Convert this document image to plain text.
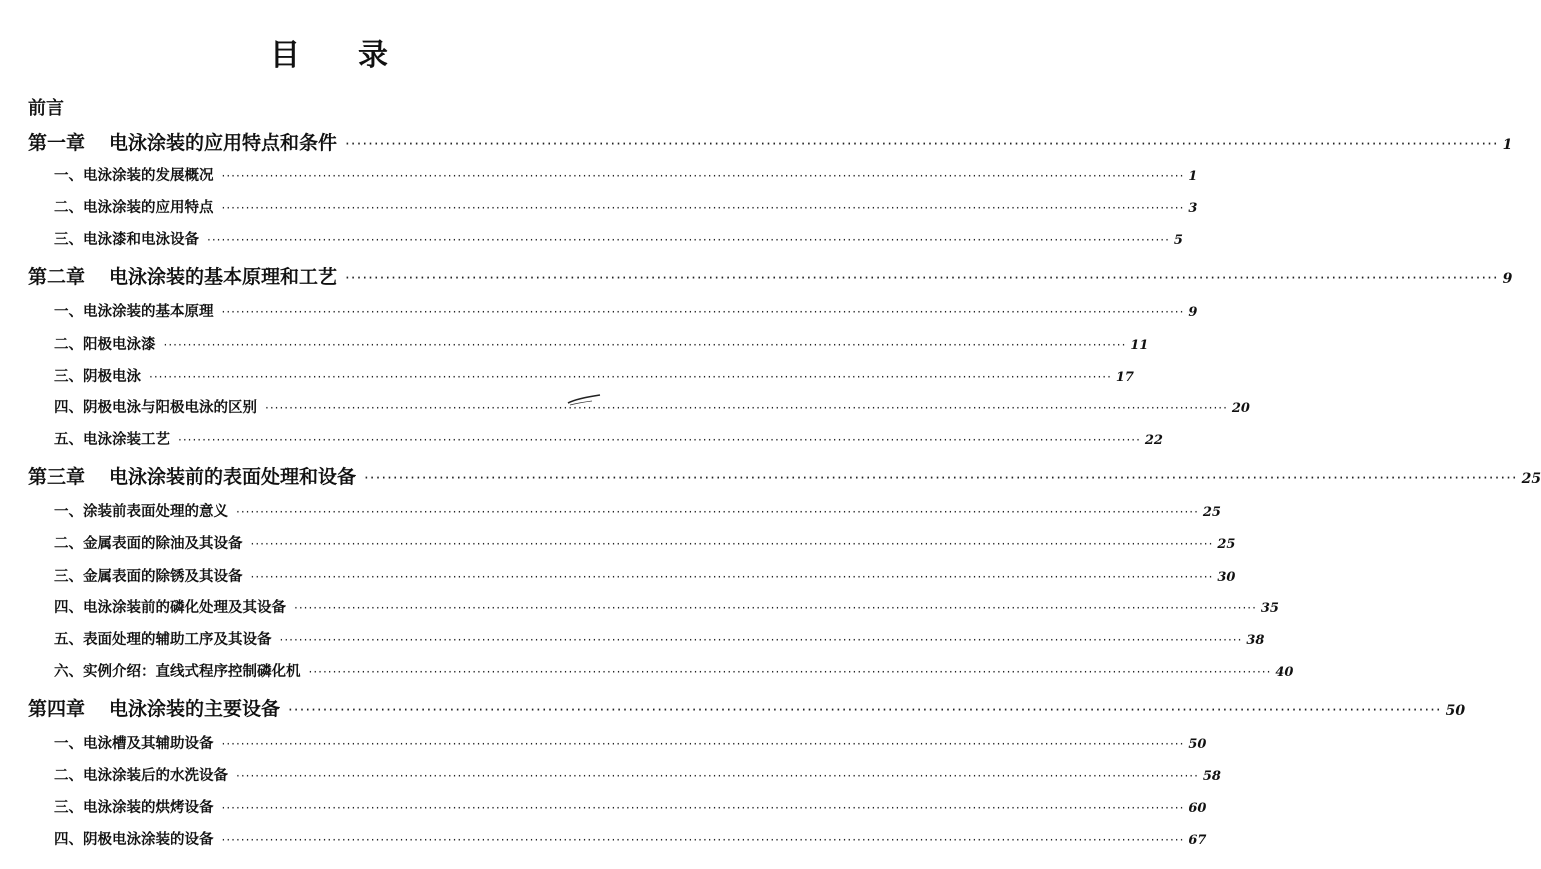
目 录
前言
第一章 电泳涂装的应用特点和条件 ········································································································································································································ 1
一、 电泳涂装的发展概况 ········································································································································································································ 1
二、 电泳涂装的应用特点 ········································································································································································································ 3
三、 电泳漆和电泳设备 ········································································································································································································ 5
第二章 电泳涂装的基本原理和工艺 ········································································································································································································ 9
一、 电泳涂装的基本原理 ········································································································································································································ 9
二、 阳极电泳漆 ········································································································································································································ 11
三、 阴极电泳 ········································································································································································································ 17
四、 阴极电泳与阳极电泳的区别 ········································································································································································································ 20
五、 电泳涂装工艺 ········································································································································································································ 22
第三章 电泳涂装前的表面处理和设备 ········································································································································································································ 25
一、 涂装前表面处理的意义 ········································································································································································································ 25
二、 金属表面的除油及其设备 ········································································································································································································ 25
三、 金属表面的除锈及其设备 ········································································································································································································ 30
四、 电泳涂装前的磷化处理及其设备 ········································································································································································································ 35
五、 表面处理的辅助工序及其设备 ········································································································································································································ 38
六、 实例介绍：直线式程序控制磷化机 ········································································································································································································ 40
第四章 电泳涂装的主要设备 ········································································································································································································ 50
一、 电泳槽及其辅助设备 ········································································································································································································ 50
二、 电泳涂装后的水洗设备 ········································································································································································································ 58
三、 电泳涂装的烘烤设备 ········································································································································································································ 60
四、 阴极电泳涂装的设备 ········································································································································································································ 67
